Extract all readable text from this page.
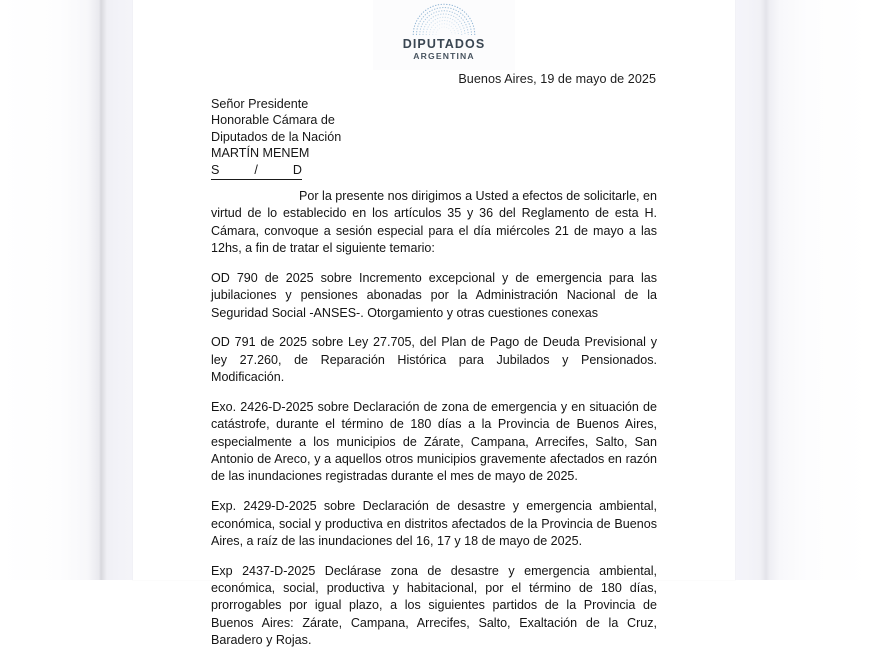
DIPUTADOS
ARGENTINA
Buenos Aires, 19 de mayo de 2025
Señor Presidente
Honorable Cámara de
Diputados de la Nación
MARTÍN MENEM
S          /          D

Por la presente nos dirigimos a Usted a efectos de solicitarle, en virtud de lo establecido en los artículos 35 y 36 del Reglamento de esta H. Cámara, convoque a sesión especial para el día miércoles 21 de mayo a las 12hs, a fin de tratar el siguiente temario:

OD 790 de 2025 sobre Incremento excepcional y de emergencia para las jubilaciones y pensiones abonadas por la Administración Nacional de la Seguridad Social -ANSES-. Otorgamiento y otras cuestiones conexas

OD 791 de 2025 sobre Ley 27.705, del Plan de Pago de Deuda Previsional y ley 27.260, de Reparación Histórica para Jubilados y Pensionados. Modificación.

Exo. 2426-D-2025 sobre Declaración de zona de emergencia y en situación de catástrofe, durante el término de 180 días a la Provincia de Buenos Aires, especialmente a los municipios de Zárate, Campana, Arrecifes, Salto, San Antonio de Areco, y a aquellos otros municipios gravemente afectados en razón de las inundaciones registradas durante el mes de mayo de 2025.

Exp. 2429-D-2025 sobre Declaración de desastre y emergencia ambiental, económica, social y productiva en distritos afectados de la Provincia de Buenos Aires, a raíz de las inundaciones del 16, 17 y 18 de mayo de 2025.

Exp 2437-D-2025 Declárase zona de desastre y emergencia ambiental, económica, social, productiva y habitacional, por el término de 180 días, prorrogables por igual plazo, a los siguientes partidos de la Provincia de Buenos Aires: Zárate, Campana, Arrecifes, Salto, Exaltación de la Cruz, Baradero y Rojas.
